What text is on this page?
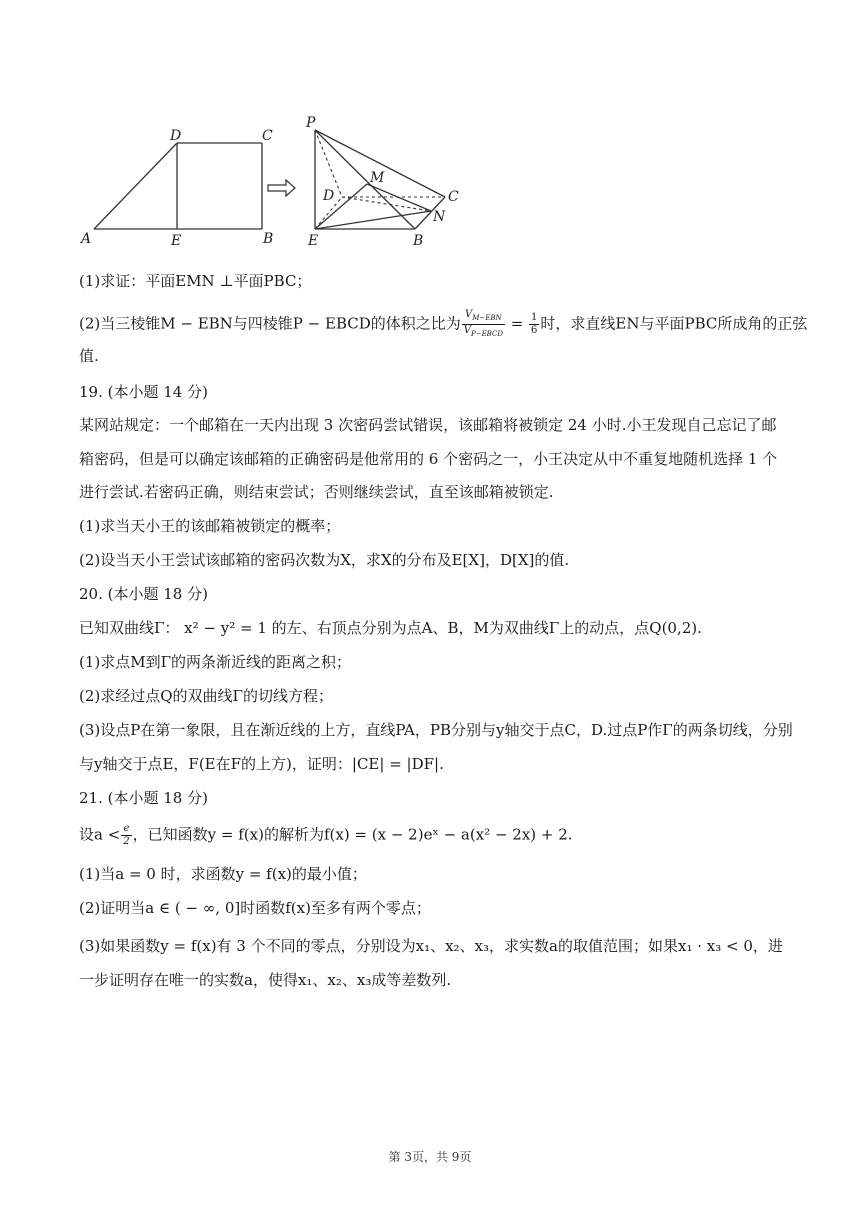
D	C
A	E	B
P
M
D	C
N
E	B
(1)求证：平面EMN ⊥平面PBC；
(2)当三棱锥M − EBN与四棱锥P − EBCD的体积之比为 $\frac{V_{M-EBN}}{V_{P-EBCD}} = \frac{1}{6}$ 时，求直线EN与平面PBC所成角的正弦
值.
19. (本小题 14 分)
某网站规定：一个邮箱在一天内出现 3 次密码尝试错误，该邮箱将被锁定 24 小时.小王发现自己忘记了邮
箱密码，但是可以确定该邮箱的正确密码是他常用的 6 个密码之一，小王决定从中不重复地随机选择 1 个
进行尝试.若密码正确，则结束尝试；否则继续尝试，直至该邮箱被锁定.
(1)求当天小王的该邮箱被锁定的概率；
(2)设当天小王尝试该邮箱的密码次数为X，求X的分布及E[X]，D[X]的值.
20. (本小题 18 分)
已知双曲线Γ： x² − y² = 1 的左、右顶点分别为点A、B，M为双曲线Γ上的动点，点Q(0,2).
(1)求点M到Γ的两条渐近线的距离之积；
(2)求经过点Q的双曲线Γ的切线方程；
(3)设点P在第一象限，且在渐近线的上方，直线PA，PB分别与y轴交于点C，D.过点P作Γ的两条切线，分别
与y轴交于点E，F(E在F的上方)，证明：|CE| = |DF|.
21. (本小题 18 分)
设$a < \frac{e}{2}$ ，已知函数y = f(x)的解析为f(x) = (x − 2)eˣ − a(x² − 2x) + 2.
(1)当a = 0 时，求函数y = f(x)的最小值；
(2)证明当a ∈ ( − ∞, 0]时函数f(x)至多有两个零点；
(3)如果函数y = f(x)有 3 个不同的零点，分别设为x₁、x₂、x₃，求实数a的取值范围；如果x₁ · x₃ < 0，进
一步证明存在唯一的实数a，使得x₁、x₂、x₃成等差数列.
第 3页，共 9页
